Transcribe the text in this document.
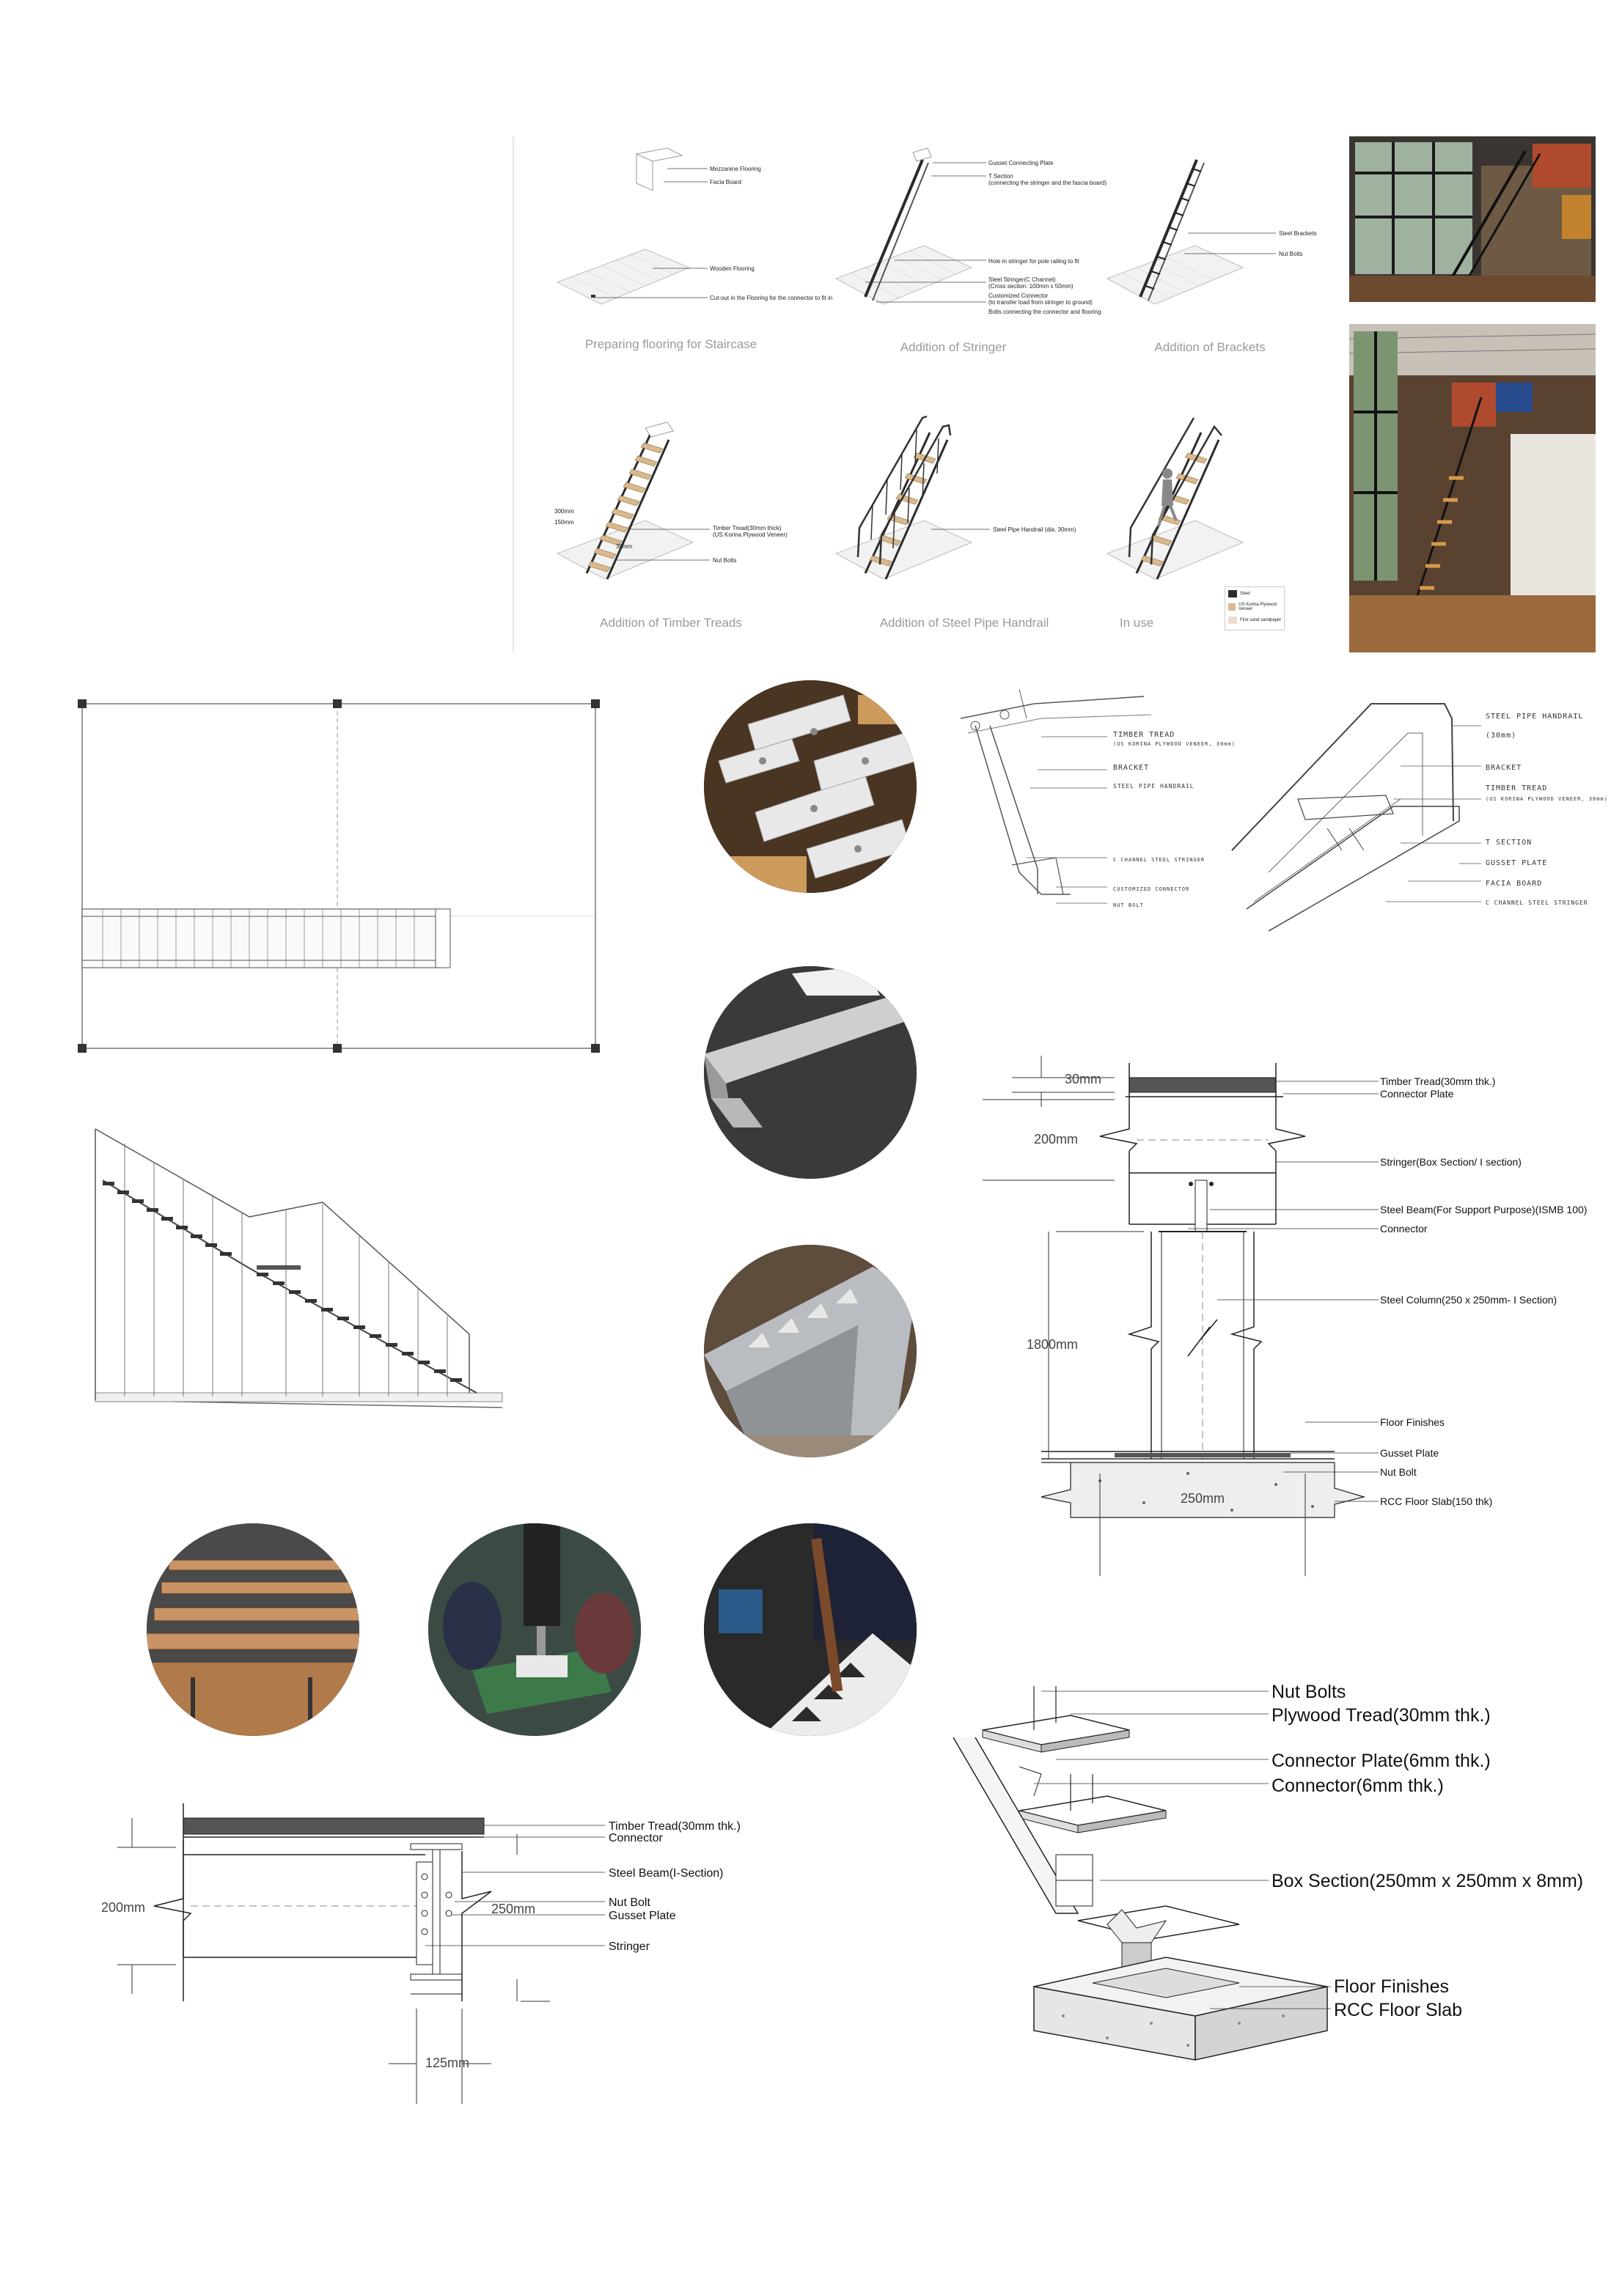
Mezzanine Flooring
Facia Board
Wooden Flooring
Cut-out in the Flooring for the connector to fit in
Preparing flooring for Staircase
Gusset Connecting Plate
T Section
(connecting the stringer and the fascia board)
Hole in stringer for pole railing to fit
Steel Stringer(C Channel)
(Cross section: 100mm x 50mm)
Customized Connector
(to transfer load from stringer to ground)
Bolts connecting the connector and flooring
Addition of Stringer
Steel Brackets
Nut Bolts
Addition of Brackets
300mm
150mm
30mm
Timber Tread(30mm thick)
(US Korina Plywood Veneer)
Nut Bolts
Addition of Timber Treads
Steel Pipe Handrail (dia. 30mm)
Addition of Steel Pipe Handrail
Steel
US Korina Plywood Veneer
Fine sand sandpaper
In use
TIMBER TREAD
(US KORINA PLYWOOD VENEER, 30mm)
BRACKET
STEEL PIPE HANDRAIL
C CHANNEL STEEL STRINGER
CUSTOMIZED CONNECTOR
NUT BOLT
STEEL PIPE HANDRAIL
(30mm)
BRACKET
TIMBER TREAD
(US KORINA PLYWOOD VENEER, 30mm)
T SECTION
GUSSET PLATE
FACIA BOARD
C CHANNEL STEEL STRINGER
30mm
200mm
1800mm
250mm
Timber Tread(30mm thk.)
Connector Plate
Stringer(Box Section/ I section)
Steel Beam(For Support Purpose)(ISMB 100)
Connector
Steel Column(250 x 250mm- I Section)
Floor Finishes
Gusset Plate
Nut Bolt
RCC Floor Slab(150 thk)
200mm	250mm
125mm
Timber Tread(30mm thk.)
Connector
Steel Beam(I-Section)
Nut Bolt
Gusset Plate
Stringer
Nut Bolts
Plywood Tread(30mm thk.)
Connector Plate(6mm thk.)
Connector(6mm thk.)
Box Section(250mm x 250mm x 8mm)
Floor Finishes
RCC Floor Slab
